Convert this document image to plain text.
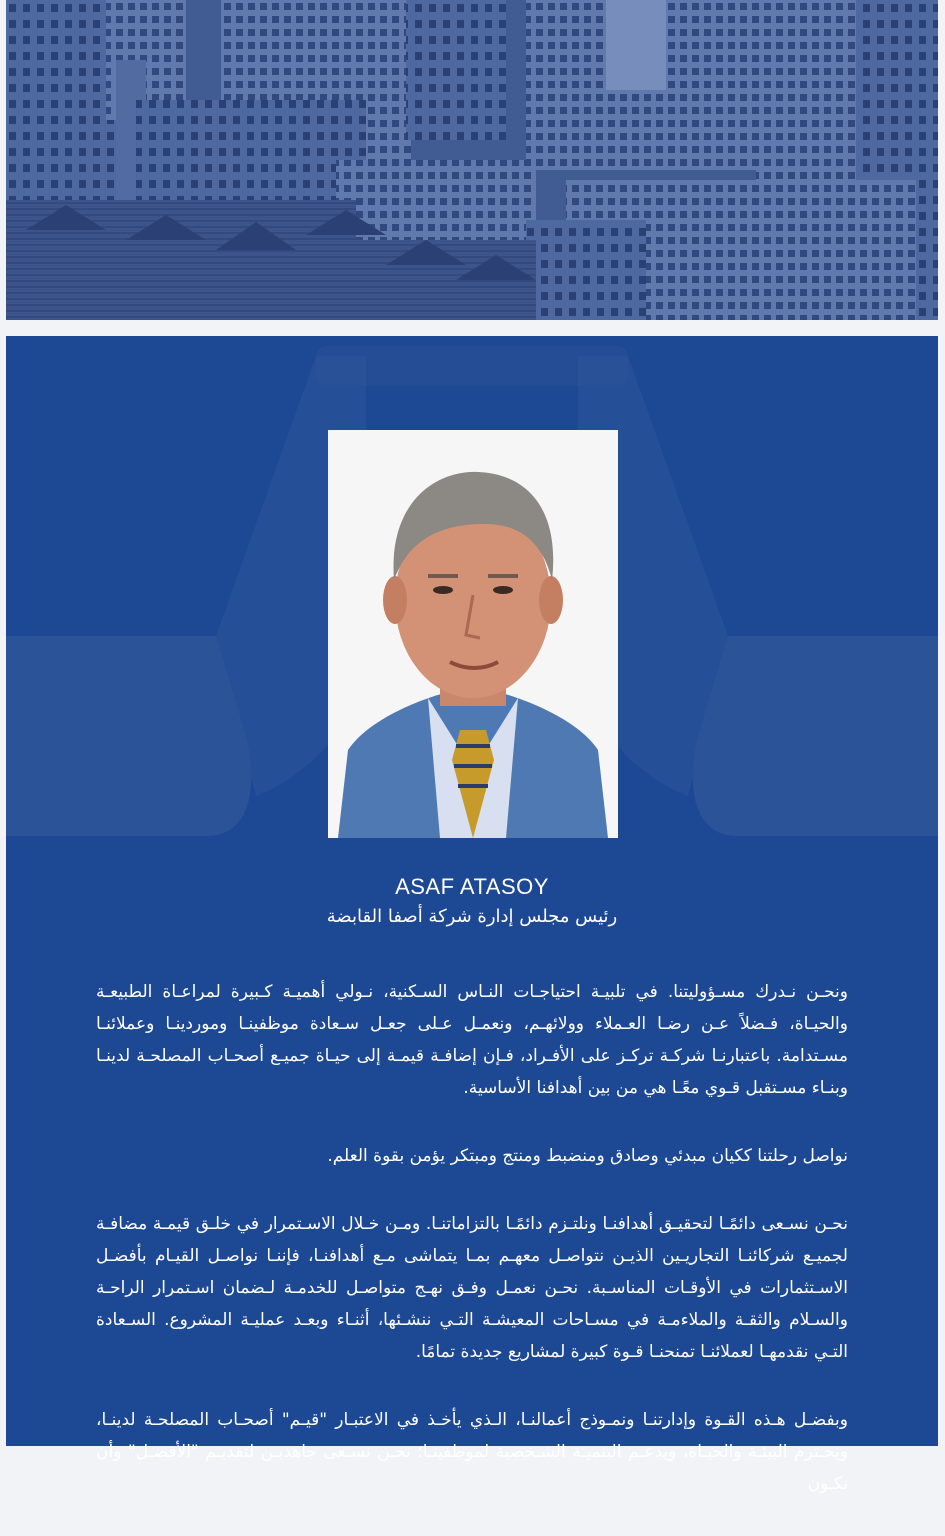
ASAF ATASOY
رئيس مجلس إدارة شركة أصفا القابضة

ونحـن نـدرك مسـؤوليتنا. في تلبيـة احتياجـات النـاس السـكنية، نـولي أهميـة كـبيرة لمراعـاة الطبيعـة والحيـاة، فـضلاً عـن رضـا العـملاء وولائهـم، ونعمـل عـلى جعـل سـعادة موظفينـا وموردينـا وعملائنـا مسـتدامة. باعتبارنـا شركـة تركـز على الأفـراد، فـإن إضافـة قيمـة إلى حيـاة جميـع أصحـاب المصلحـة لدينـا وبنـاء مسـتقبل قـوي معًـا هي من بين أهدافنا الأساسية.

نواصل رحلتنا ككيان مبدئي وصادق ومنضبط ومنتج ومبتكر يؤمن بقوة العلم.

نحـن نسـعى دائمًـا لتحقيـق أهدافنـا ونلتـزم دائمًـا بالتزاماتنـا. ومـن خـلال الاسـتمرار في خلـق قيمـة مضافـة لجميـع شركائنـا التجاريـين الذيـن نتواصـل معهـم بمـا يتماشى مـع أهدافنـا، فإننـا نواصـل القيـام بأفضـل الاسـتثمارات في الأوقـات المناسـبة. نحـن نعمـل وفـق نهـج متواصـل للخدمـة لـضمان اسـتمرار الراحـة والسـلام والثقـة والملاءمـة في مسـاحات المعيشـة التـي ننشـئها، أثنـاء وبعـد عمليـة المشروع. السـعادة التـي نقدمهـا لعملائنـا تمنحنـا قـوة كبيرة لمشاريع جديدة تمامًا.

وبفضـل هـذه القـوة وإدارتنـا ونمـوذج أعمالنـا، الـذي يأخـذ في الاعتبـار "قيـم" أصحـاب المصلحـة لدينـا، ويحـترم البيئـة والحيـاة، ويدعـم التنميـة الشـخصية لموظفينـا؛ نحـن نسـعى جاهديـن لتقديـم "الأفضـل" وأن نكـون
